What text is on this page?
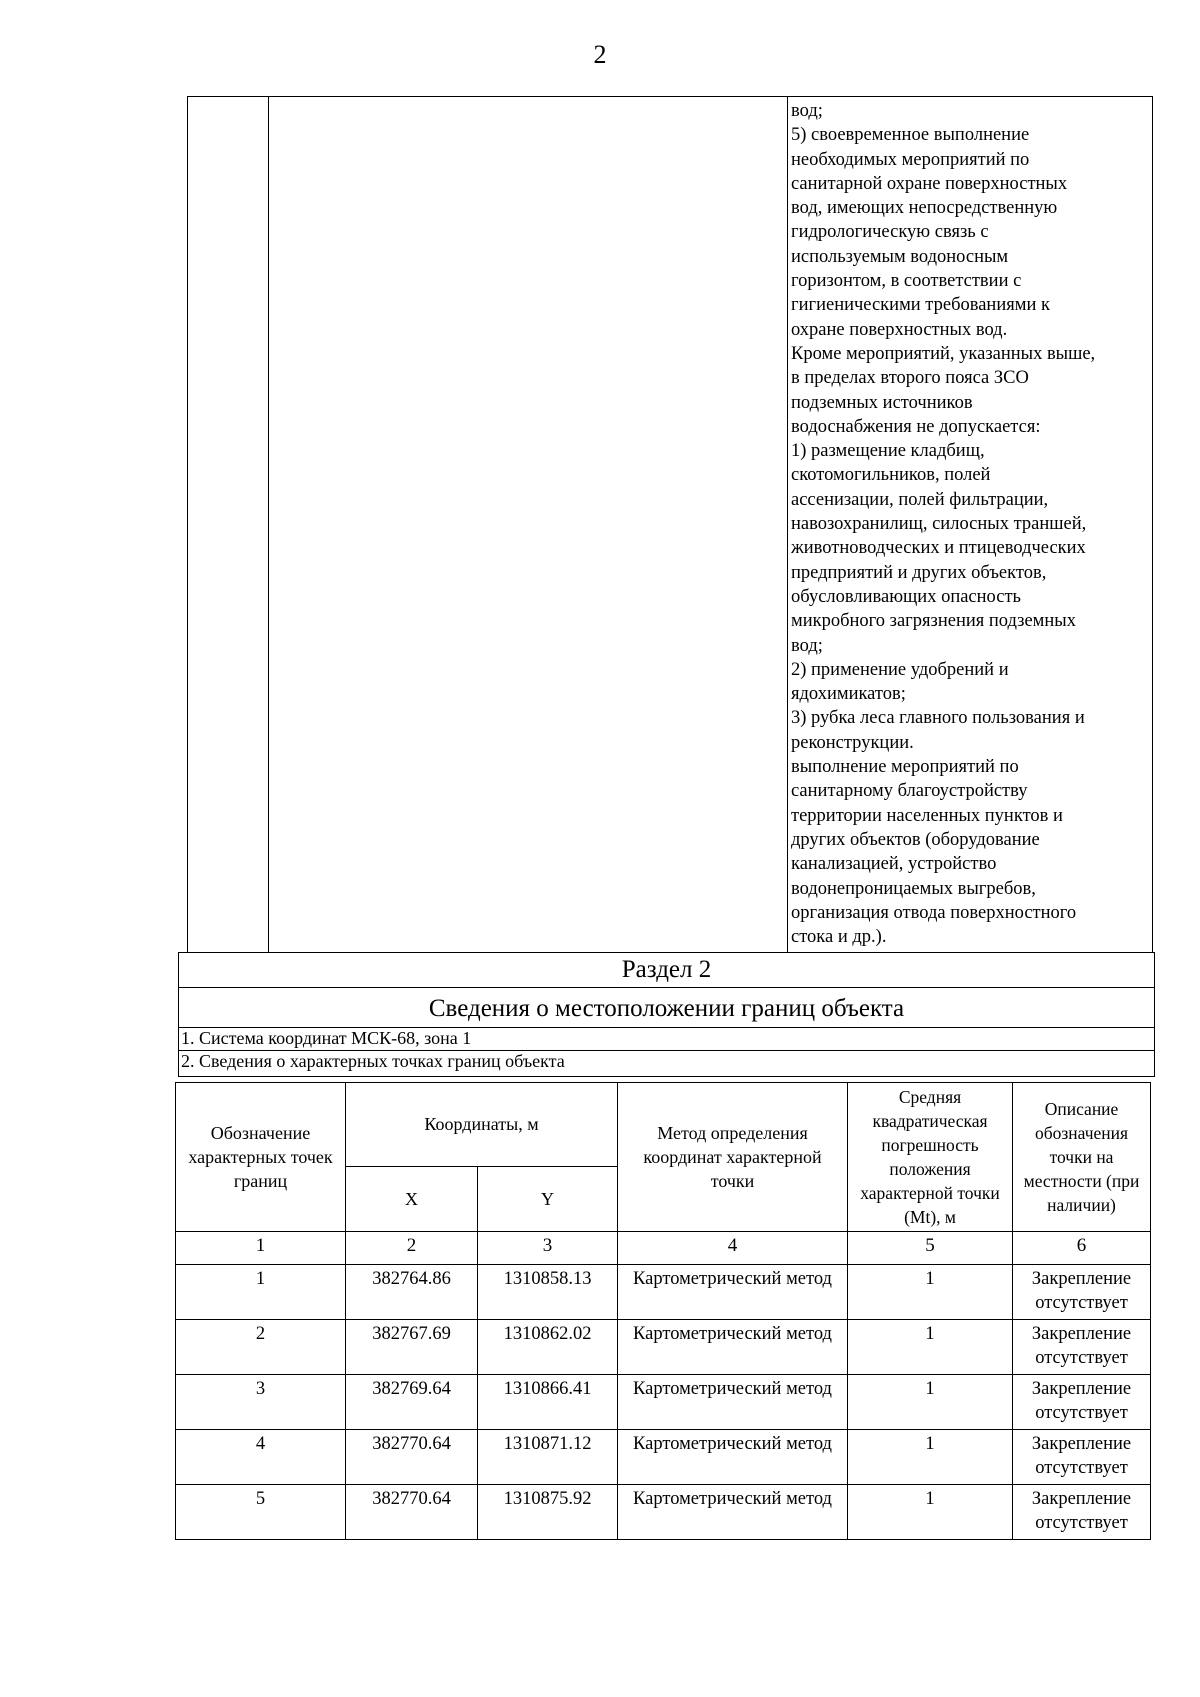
2
вод;
5) своевременное выполнение
необходимых мероприятий по
санитарной охране поверхностных
вод, имеющих непосредственную
гидрологическую связь с
используемым водоносным
горизонтом, в соответствии с
гигиеническими требованиями к
охране поверхностных вод.
Кроме мероприятий, указанных выше,
в пределах второго пояса ЗСО
подземных источников
водоснабжения не допускается:
1) размещение кладбищ,
скотомогильников, полей
ассенизации, полей фильтрации,
навозохранилищ, силосных траншей,
животноводческих и птицеводческих
предприятий и других объектов,
обусловливающих опасность
микробного загрязнения подземных
вод;
2) применение удобрений и
ядохимикатов;
3) рубка леса главного пользования и
реконструкции.
выполнение мероприятий по
санитарному благоустройству
территории населенных пунктов и
других объектов (оборудование
канализацией, устройство
водонепроницаемых выгребов,
организация отвода поверхностного
стока и др.).
Раздел 2
Сведения о местоположении границ объекта
1. Система координат МСК-68, зона 1
2. Сведения о характерных точках границ объекта
Обозначение характерных точек границ	Координаты, м		Метод определения координат характерной точки	Средняя квадратическая погрешность положения характерной точки (Mt), м	Описание обозначения точки на местности (при наличии)
	X	Y			
1	2	3	4	5	6
1	382764.86	1310858.13	Картометрический метод	1	Закрепление отсутствует
2	382767.69	1310862.02	Картометрический метод	1	Закрепление отсутствует
3	382769.64	1310866.41	Картометрический метод	1	Закрепление отсутствует
4	382770.64	1310871.12	Картометрический метод	1	Закрепление отсутствует
5	382770.64	1310875.92	Картометрический метод	1	Закрепление отсутствует
